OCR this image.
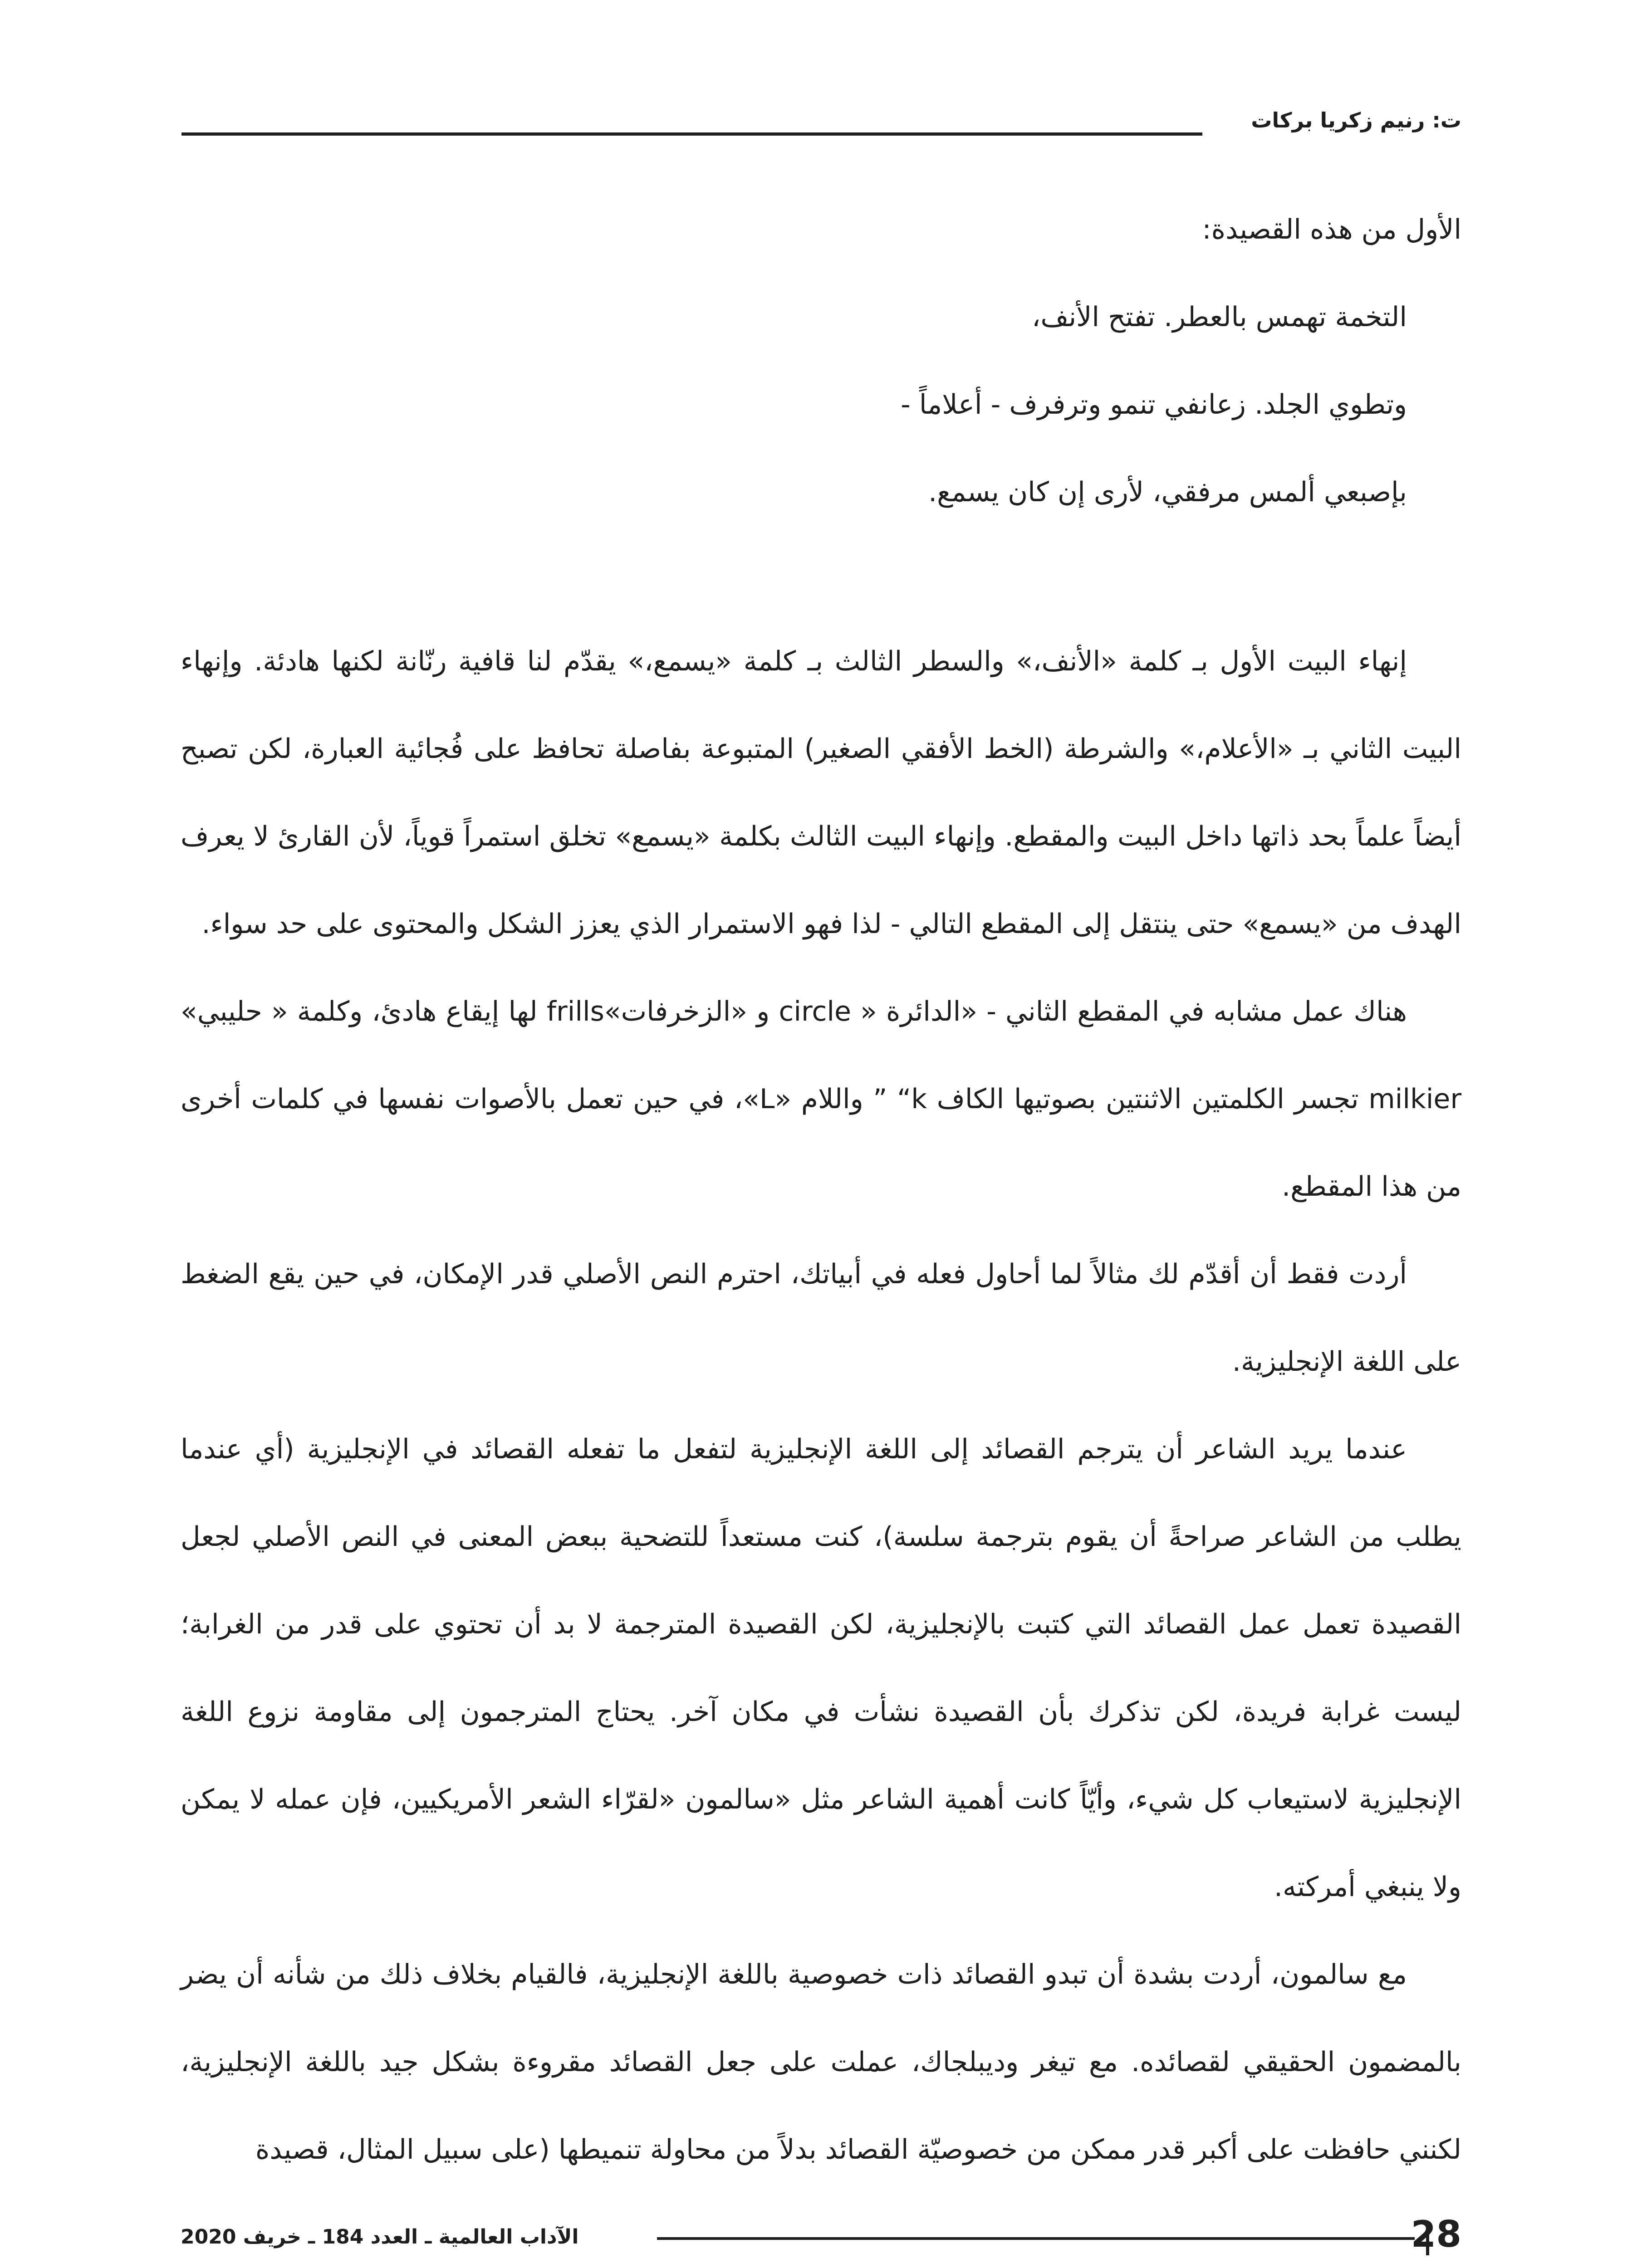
ت: رنيم زكريا بركات

الأول من هذه القصيدة:

التخمة تهمس بالعطر. تفتح الأنف،
وتطوي الجلد. زعانفي تنمو وترفرف - أعلاماً -
بإصبعي ألمس مرفقي، لأرى إن كان يسمع.

إنهاء البيت الأول بـ كلمة «الأنف،» والسطر الثالث بـ كلمة «يسمع،» يقدّم لنا قافية رنّانة لكنها هادئة. وإنهاء البيت الثاني بـ «الأعلام،» والشرطة (الخط الأفقي الصغير) المتبوعة بفاصلة تحافظ على فُجائية العبارة، لكن تصبح أيضاً علماً بحد ذاتها داخل البيت والمقطع. وإنهاء البيت الثالث بكلمة «يسمع» تخلق استمراً قوياً، لأن القارئ لا يعرف الهدف من «يسمع» حتى ينتقل إلى المقطع التالي - لذا فهو الاستمرار الذي يعزز الشكل والمحتوى على حد سواء.

هناك عمل مشابه في المقطع الثاني - «الدائرة « circle و «الزخرفات»frills لها إيقاع هادئ، وكلمة « حليبي» milkier تجسر الكلمتين الاثنتين بصوتيها الكاف k“ ” واللام «L»، في حين تعمل بالأصوات نفسها في كلمات أخرى من هذا المقطع.

أردت فقط أن أقدّم لك مثالاً لما أحاول فعله في أبياتك، احترم النص الأصلي قدر الإمكان، في حين يقع الضغط على اللغة الإنجليزية.

عندما يريد الشاعر أن يترجم القصائد إلى اللغة الإنجليزية لتفعل ما تفعله القصائد في الإنجليزية (أي عندما يطلب من الشاعر صراحةً أن يقوم بترجمة سلسة)، كنت مستعداً للتضحية ببعض المعنى في النص الأصلي لجعل القصيدة تعمل عمل القصائد التي كتبت بالإنجليزية، لكن القصيدة المترجمة لا بد أن تحتوي على قدر من الغرابة؛ ليست غرابة فريدة، لكن تذكرك بأن القصيدة نشأت في مكان آخر. يحتاج المترجمون إلى مقاومة نزوع اللغة الإنجليزية لاستيعاب كل شيء، وأيّاً كانت أهمية الشاعر مثل «سالمون «لقرّاء الشعر الأمريكيين، فإن عمله لا يمكن ولا ينبغي أمركته.

مع سالمون، أردت بشدة أن تبدو القصائد ذات خصوصية باللغة الإنجليزية، فالقيام بخلاف ذلك من شأنه أن يضر بالمضمون الحقيقي لقصائده. مع تيغر وديبلجاك، عملت على جعل القصائد مقروءة بشكل جيد باللغة الإنجليزية، لكنني حافظت على أكبر قدر ممكن من خصوصيّة القصائد بدلاً من محاولة تنميطها (على سبيل المثال، قصيدة

الآداب العالمية ـ العدد 184 ـ خريف 2020	28
